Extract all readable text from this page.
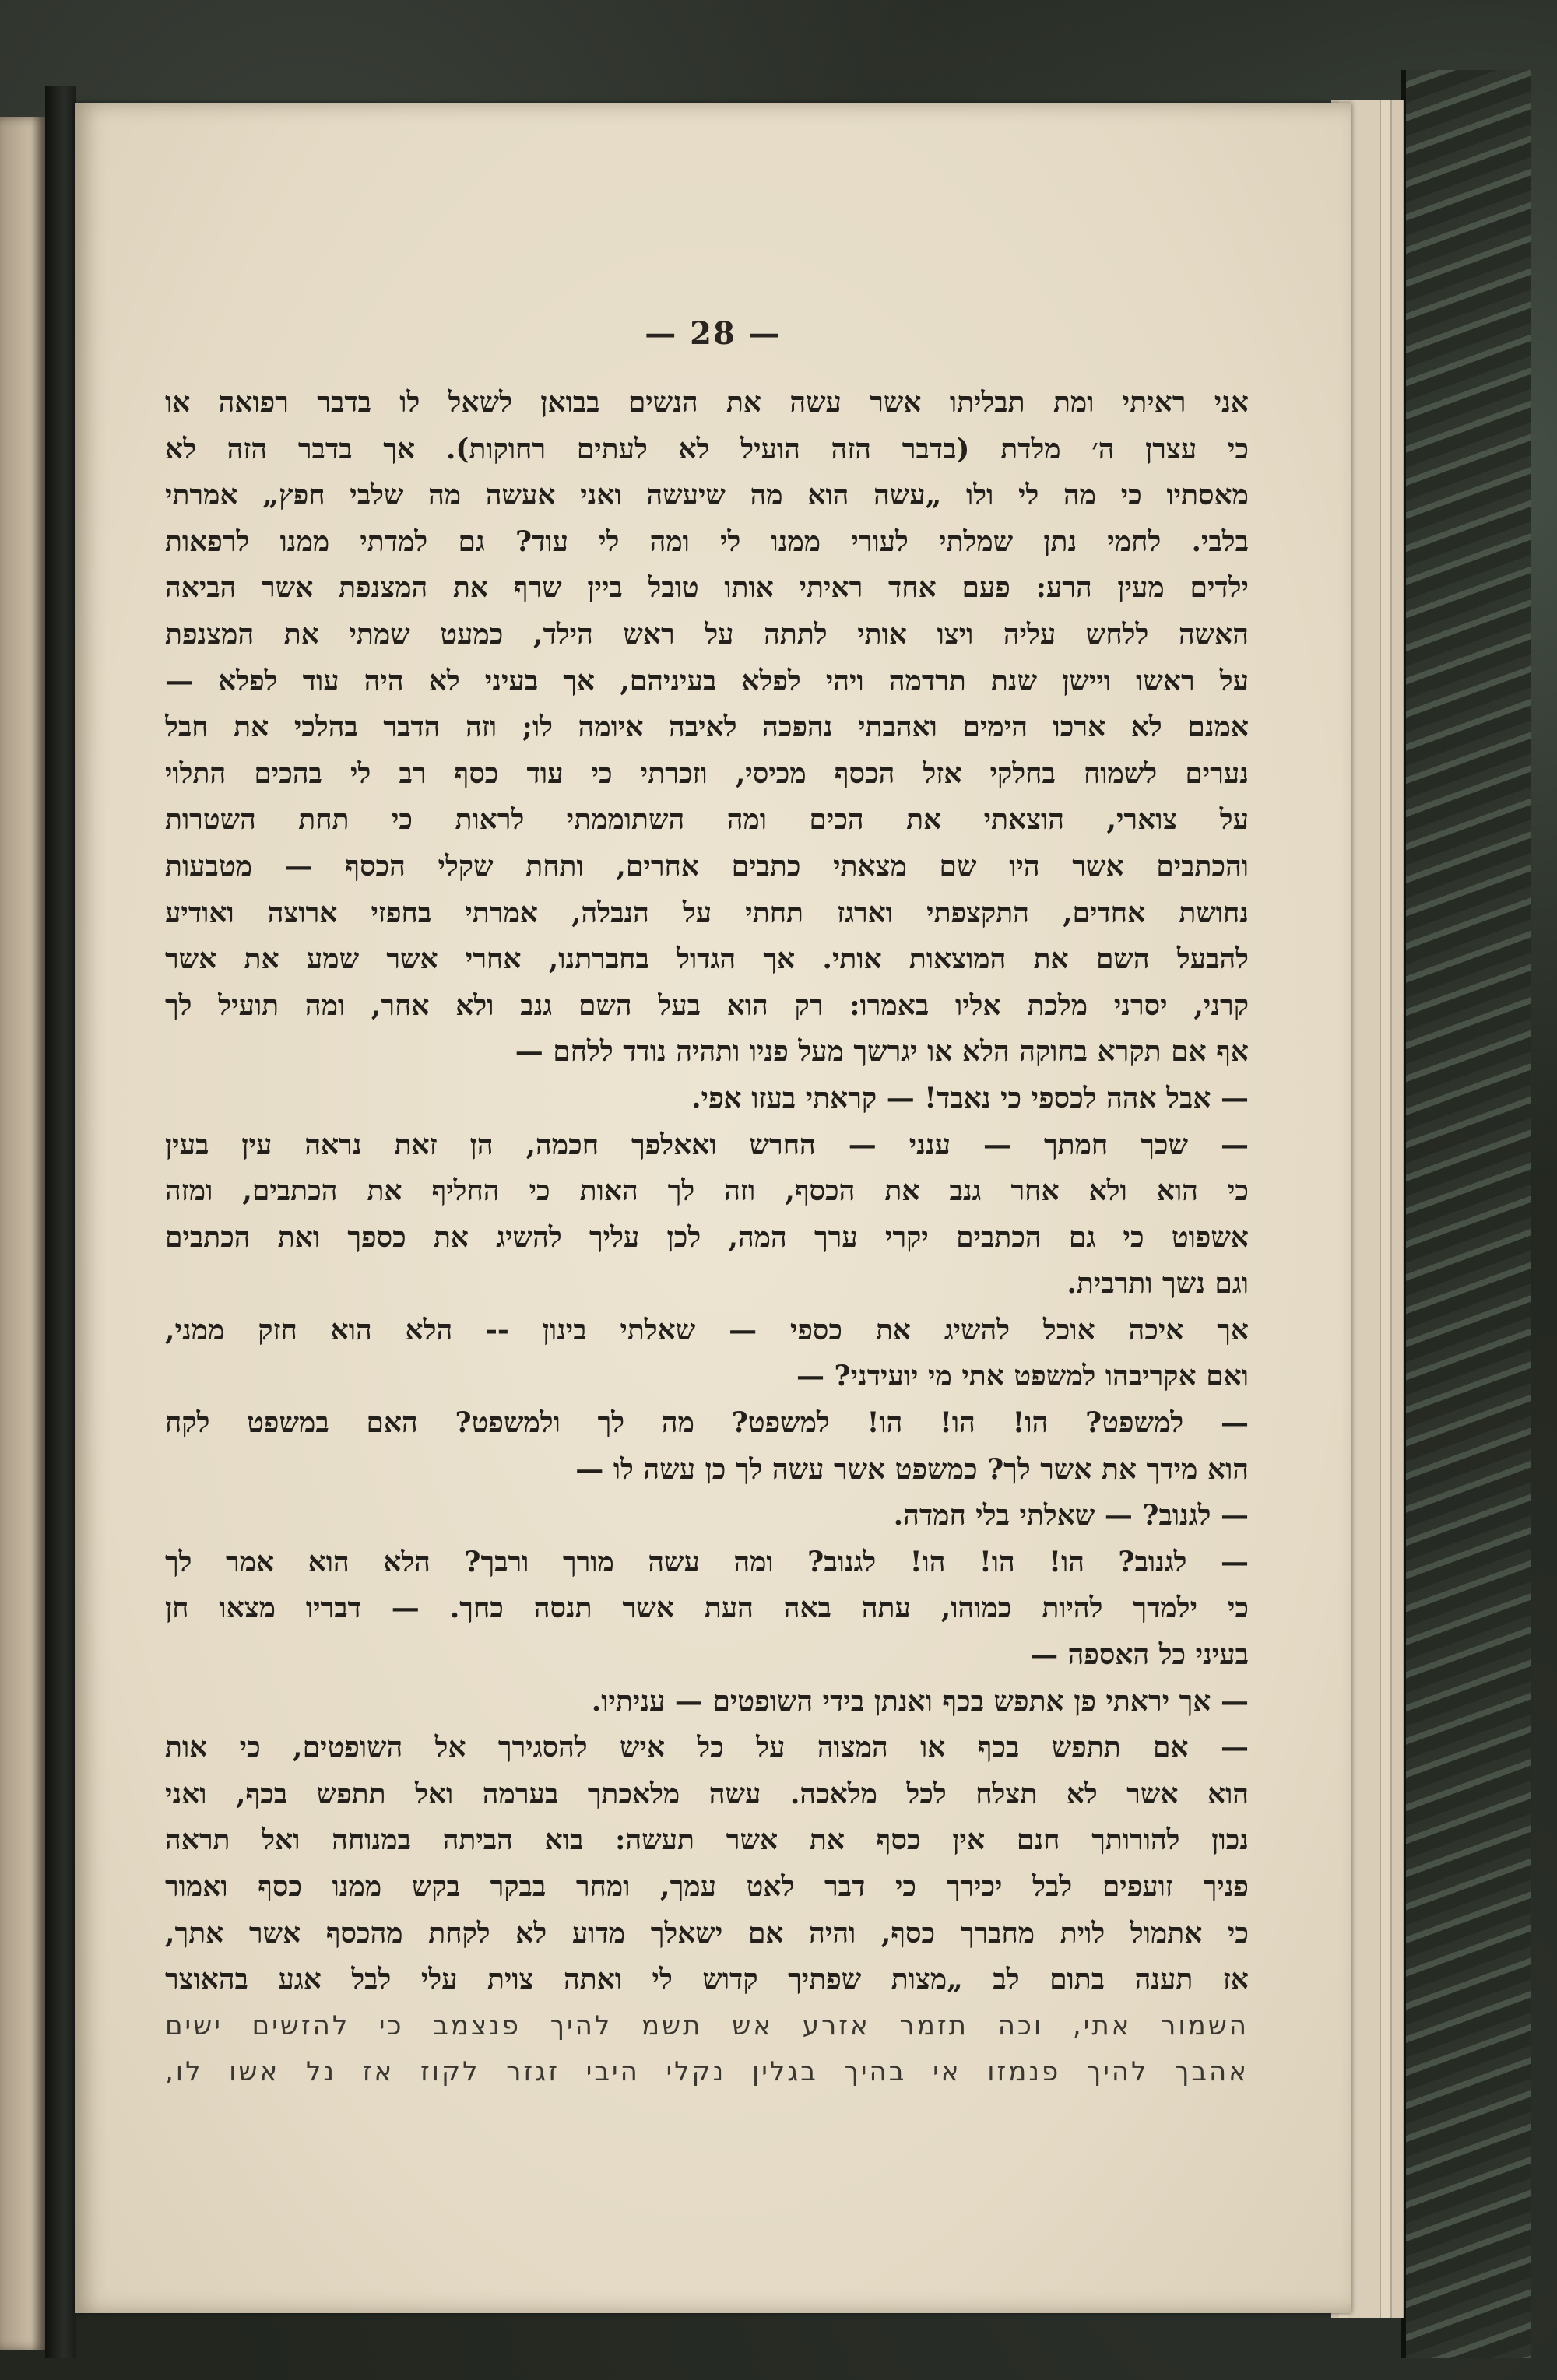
— 28 —
אני ראיתי ומת תבליתו אשר עשה את הנשים בבואן לשאל לו בדבר רפואה או
כי עצרן ה׳ מלדת (בדבר הזה הועיל לא לעתים רחוקות). אך בדבר הזה לא
מאסתיו כי מה לי ולו „עשה הוא מה שיעשה ואני אעשה מה שלבי חפץ„ אמרתי
בלבי. לחמי נתן שמלתי לעורי ממנו לי ומה לי עוד? גם למדתי ממנו לרפאות
ילדים מעין הרע: פעם אחד ראיתי אותו טובל ביין שרף את המצנפת אשר הביאה
האשה ללחש עליה ויצו אותי לתתה על ראש הילד, כמעט שמתי את המצנפת
על ראשו ויישן שנת תרדמה ויהי לפלא בעיניהם, אך בעיני לא היה עוד לפלא —
אמנם לא ארכו הימים ואהבתי נהפכה לאיבה איומה לו; וזה הדבר בהלכי את חבל
נערים לשמוח בחלקי אזל הכסף מכיסי, וזכרתי כי עוד כסף רב לי בהכים התלוי
על צוארי, הוצאתי את הכים ומה השתוממתי לראות כי תחת השטרות
והכתבים אשר היו שם מצאתי כתבים אחרים, ותחת שקלי הכסף — מטבעות
נחושת אחדים, התקצפתי וארגז תחתי על הנבלה, אמרתי בחפזי ארוצה ואודיע
להבעל השם את המוצאות אותי. אך הגדול בחברתנו, אחרי אשר שמע את אשר
קרני, יסרני מלכת אליו באמרו: רק הוא בעל השם גנב ולא אחר, ומה תועיל לך
אף אם תקרא בחוקה הלא או יגרשך מעל פניו ותהיה נודד ללחם —
— אבל אהה לכספי כי נאבד! — קראתי בעזו אפי.
— שכך חמתך — ענני — החרש ואאלפך חכמה, הן זאת נראה עין בעין
כי הוא ולא אחר גנב את הכסף, וזה לך האות כי החליף את הכתבים, ומזה
אשפוט כי גם הכתבים יקרי ערך המה, לכן עליך להשיג את כספך ואת הכתבים
וגם נשך ותרבית.
אך איכה אוכל להשיג את כספי — שאלתי בינון -- הלא הוא חזק ממני,
ואם אקריבהו למשפט אתי מי יועידני? —
— למשפט? הו! הו! הו! למשפט? מה לך ולמשפט? האם במשפט לקח
הוא מידך את אשר לך? כמשפט אשר עשה לך כן עשה לו —
— לגנוב? — שאלתי בלי חמדה.
— לגנוב? הו! הו! הו! לגנוב? ומה עשה מורך ורבך? הלא הוא אמר לך
כי ילמדך להיות כמוהו, עתה באה העת אשר תנסה כחך. — דבריו מצאו חן
בעיני כל האספה —
— אך יראתי פן אתפש בכף ואנתן בידי השופטים — עניתיו.
— אם תתפש בכף או המצוה על כל איש להסגירך אל השופטים, כי אות
הוא אשר לא תצלח לכל מלאכה. עשה מלאכתך בערמה ואל תתפש בכף, ואני
נכון להורותך חנם אין כסף את אשר תעשה: בוא הביתה במנוחה ואל תראה
פניך זועפים לבל יכירך כי דבר לאט עמך, ומחר בבקר בקש ממנו כסף ואמור
כי אתמול לוית מחברך כסף, והיה אם ישאלך מדוע לא לקחת מהכסף אשר אתך,
אז תענה בתום לב „מצות שפתיך קדוש לי ואתה צוית עלי לבל אגע בהאוצר
השמור אתי, וכה תזמר אזרע אש תשמ להיך פנצמב כי להזשים ישים
אהבך להיך פנמזו אי בהיך בגלין נקלי היבי זגזר לקוז אז נל אשו לו,
